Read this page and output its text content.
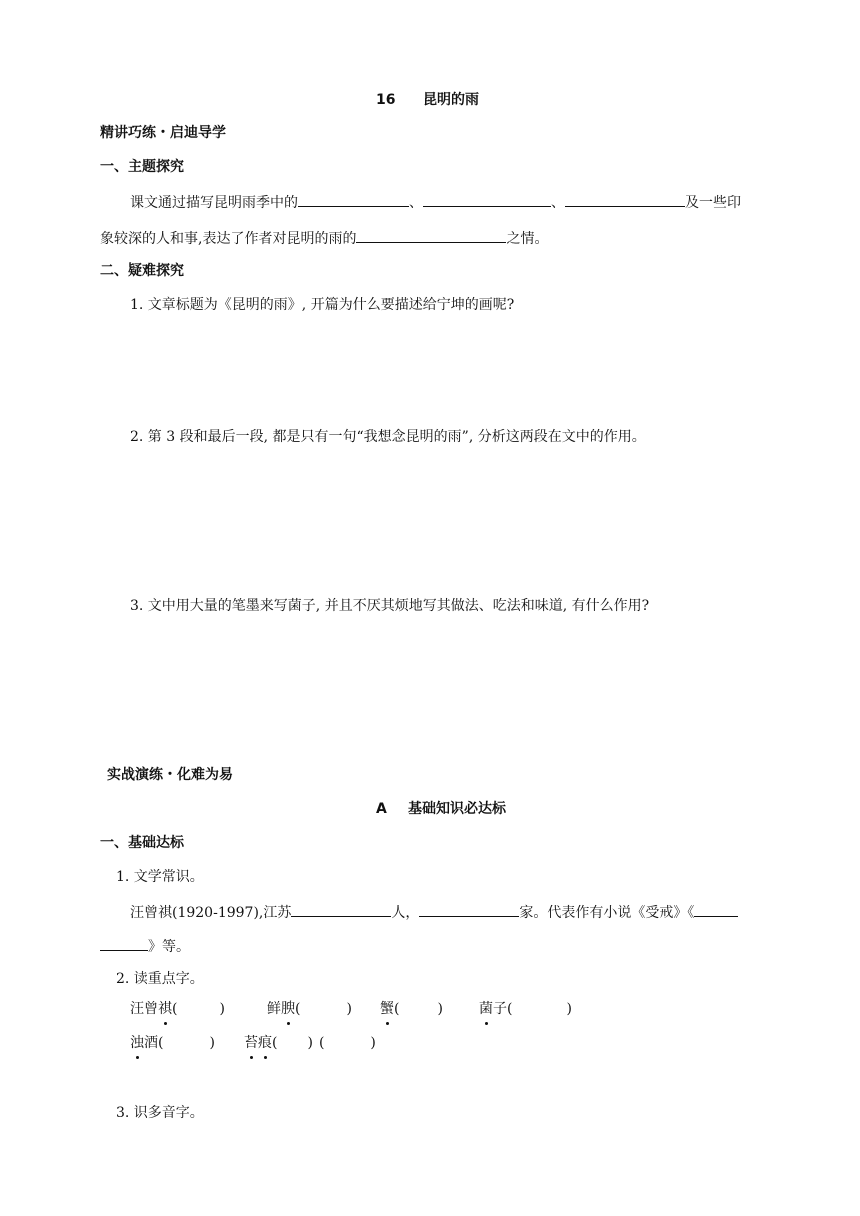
16 昆明的雨
精讲巧练・启迪导学
一、主题探究
课文通过描写昆明雨季中的	、	、	及一些印
象较深的人和事,表达了作者对昆明的雨的	之情。
二、疑难探究
1. 文章标题为《昆明的雨》, 开篇为什么要描述给宁坤的画呢?
2. 第 3 段和最后一段, 都是只有一句“我想念昆明的雨”, 分析这两段在文中的作用。
3. 文中用大量的笔墨来写菌子, 并且不厌其烦地写其做法、吃法和味道, 有什么作用?
实战演练・化难为易
A 基础知识必达标
一、基础达标
1. 文学常识。
汪曾祺(1920-1997),江苏	人，	家。代表作有小说《受戒》《
》等。
2. 读重点字。
汪曾祺(	)	鲜腴(	) 蟹(	)	菌子(	)
浊酒(	) 苔痕( ) (	)
3. 识多音字。
